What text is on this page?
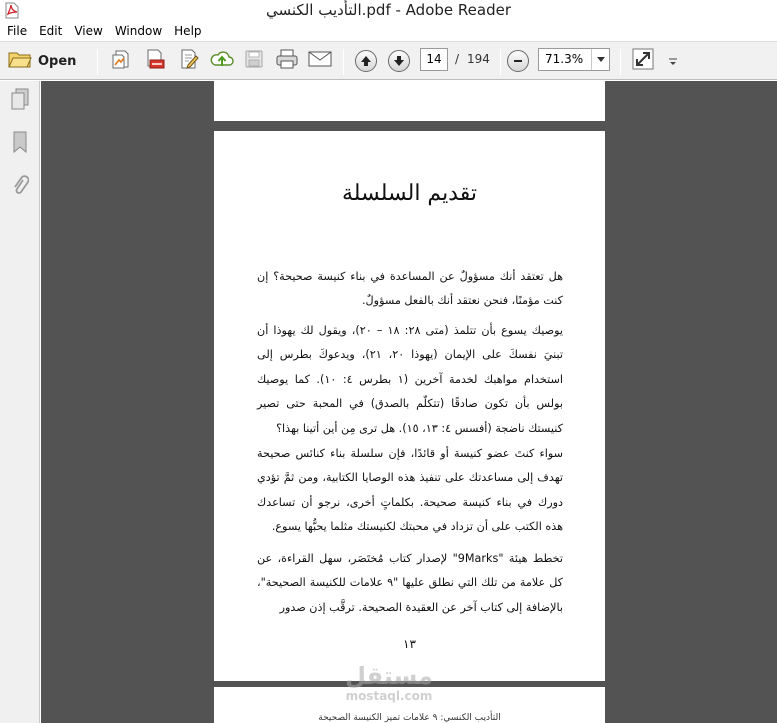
التأديب الكنسي.pdf - Adobe Reader
File	Edit	View	Window	Help
Open	14	/ 194	71.3%
تقديم السلسلة

هل تعتقد أنك مسؤولٌ عن المساعدة في بناء كنيسة صحيحة؟ إن كنت مؤمنًا، فنحن نعتقد أنك بالفعل مسؤولٌ.

يوصيك يسوع بأن تتلمذ (متى ٢٨: ١٨ – ٢٠)، ويقول لك يهوذا أن تبنيَ نفسكَ على الإيمان (يهوذا ٢٠، ٢١)، ويدعوكَ بطرس إلى استخدام مواهبك لخدمة آخرين (١ بطرس ٤: ١٠). كما يوصيك بولس بأن تكون صادقًا (تتكلّم بالصدق) في المحبة حتى تصير كنيستك ناضجة (أفسس ٤: ١٣، ١٥). هل ترى مِن أين أتينا بهذا؟

سواء كنتَ عضو كنيسة أو قائدًا، فإن سلسلة بناء كنائس صحيحة تهدف إلى مساعدتك على تنفيذ هذه الوصايا الكتابية، ومن ثمَّ تؤدي دورك في بناء كنيسة صحيحة. بكلماتٍ أخرى، نرجو أن تساعدك هذه الكتب على أن تزداد في محبتك لكنيستك مثلما يحبُّها يسوع.

تخطط هيئة "9Marks" لإصدار كتاب مُختَصَر، سهل القراءة، عن كل علامة من تلك التي نطلق عليها "٩ علامات للكنيسة الصحيحة"، بالإضافة إلى كتاب آخر عن العقيدة الصحيحة. ترقَّب إذن صدور

١٣
التأديب الكنسي: ٩ علامات تميز الكنيسة الصحيحة
مستقل
mostaql.com
